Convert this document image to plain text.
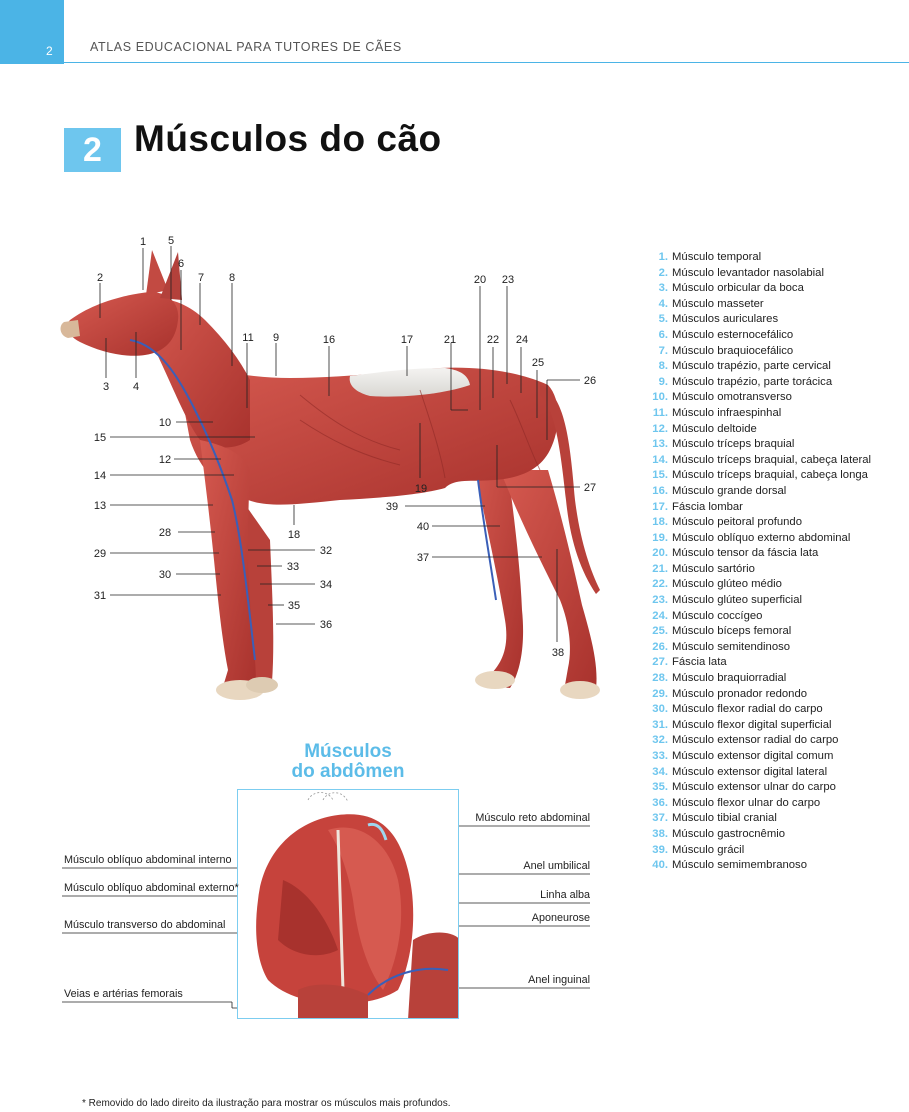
2	ATLAS EDUCACIONAL PARA TUTORES DE CÃES
2 Músculos do cão
1
2
3 4
5
6
7 8
9
10
11
12
13
14
15
16	17
18
19
20
21	22
23
24
25
26
27
28
29
30
31
32
33
34
35
36
37
38
39
40
1. Músculo temporal
2. Músculo levantador nasolabial
3. Músculo orbicular da boca
4. Músculo masseter
5. Músculos auriculares
6. Músculo esternocefálico
7. Músculo braquiocefálico
8. Músculo trapézio, parte cervical
9. Músculo trapézio, parte torácica
10. Músculo omotransverso
11. Músculo infraespinhal
12. Músculo deltoide
13. Músculo tríceps braquial
14. Músculo tríceps braquial, cabeça lateral
15. Músculo tríceps braquial, cabeça longa
16. Músculo grande dorsal
17. Fáscia lombar
18. Músculo peitoral profundo
19. Músculo oblíquo externo abdominal
20. Músculo tensor da fáscia lata
21. Músculo sartório
22. Músculo glúteo médio
23. Músculo glúteo superficial
24. Músculo coccígeo
25. Músculo bíceps femoral
26. Músculo semitendinoso
27. Fáscia lata
28. Músculo braquiorradial
29. Músculo pronador redondo
30. Músculo flexor radial do carpo
31. Músculo flexor digital superficial
32. Músculo extensor radial do carpo
33. Músculo extensor digital comum
34. Músculo extensor digital lateral
35. Músculo extensor ulnar do carpo
36. Músculo flexor ulnar do carpo
37. Músculo tibial cranial
38. Músculo gastrocnêmio
39. Músculo grácil
40. Músculo semimembranoso
Músculos
do abdômen
Músculo oblíquo abdominal interno
Músculo oblíquo abdominal externo*
Músculo transverso do abdominal
Veias e artérias femorais
Músculo reto abdominal
Anel umbilical
Linha alba
Aponeurose
Anel inguinal
* Removido do lado direito da ilustração para mostrar os músculos mais profundos.
